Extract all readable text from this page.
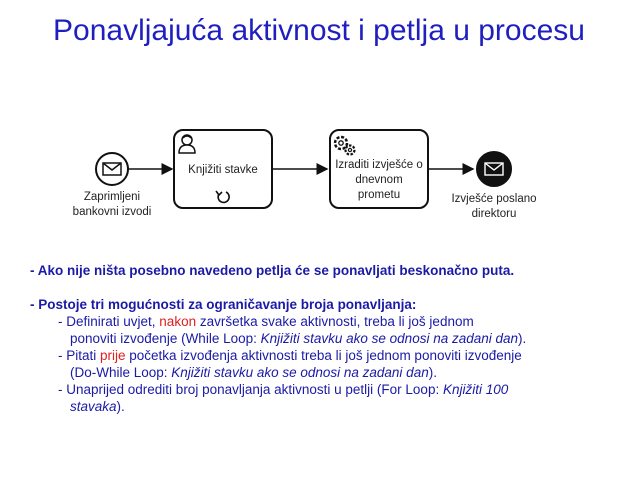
Ponavljajuća aktivnost i petlja u procesu
Zaprimljeni bankovni izvodi
Knjižiti stavke	Izraditi izvješće o dnevnom prometu	Izvješće poslano direktoru

- Ako nije ništa posebno navedeno petlja će se ponavljati beskonačno puta.

- Postoje tri mogućnosti za ograničavanje broja ponavljanja:

- Definirati uvjet, nakon završetka svake aktivnosti, treba li još jednom

ponoviti izvođenje (While Loop: Knjižiti stavku ako se odnosi na zadani dan).

- Pitati prije početka izvođenja aktivnosti treba li još jednom ponoviti izvođenje

(Do-While Loop: Knjižiti stavku ako se odnosi na zadani dan).

- Unaprijed odrediti broj ponavljanja aktivnosti u petlji (For Loop: Knjižiti 100

stavaka).
